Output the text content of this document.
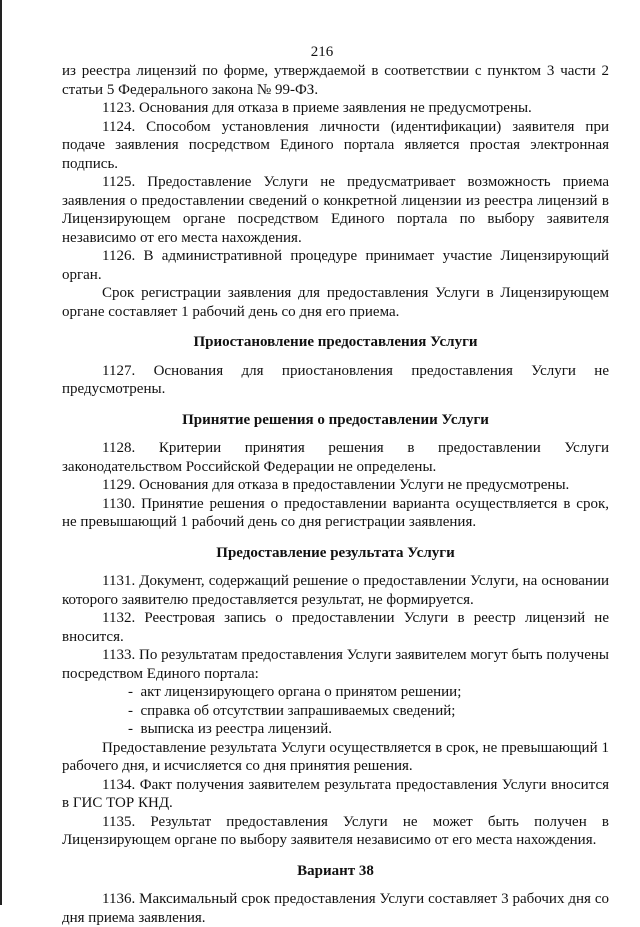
216

из реестра лицензий по форме, утверждаемой в соответствии с пунктом 3 части 2 статьи 5 Федерального закона № 99-ФЗ.

1123. Основания для отказа в приеме заявления не предусмотрены.

1124. Способом установления личности (идентификации) заявителя при подаче заявления посредством Единого портала является простая электронная подпись.

1125. Предоставление Услуги не предусматривает возможность приема заявления о предоставлении сведений о конкретной лицензии из реестра лицензий в Лицензирующем органе посредством Единого портала по выбору заявителя независимо от его места нахождения.

1126. В административной процедуре принимает участие Лицензирующий орган.

Срок регистрации заявления для предоставления Услуги в Лицензирующем органе составляет 1 рабочий день со дня его приема.

Приостановление предоставления Услуги

1127. Основания для приостановления предоставления Услуги не предусмотрены.

Принятие решения о предоставлении Услуги

1128. Критерии принятия решения в предоставлении Услуги законодательством Российской Федерации не определены.

1129. Основания для отказа в предоставлении Услуги не предусмотрены.

1130. Принятие решения о предоставлении варианта осуществляется в срок, не превышающий 1 рабочий день со дня регистрации заявления.

Предоставление результата Услуги

1131. Документ, содержащий решение о предоставлении Услуги, на основании которого заявителю предоставляется результат, не формируется.

1132. Реестровая запись о предоставлении Услуги в реестр лицензий не вносится.

1133. По результатам предоставления Услуги заявителем могут быть получены посредством Единого портала:

-  акт лицензирующего органа о принятом решении;
-  справка об отсутствии запрашиваемых сведений;
-  выписка из реестра лицензий.

Предоставление результата Услуги осуществляется в срок, не превышающий 1 рабочего дня, и исчисляется со дня принятия решения.

1134. Факт получения заявителем результата предоставления Услуги вносится в ГИС ТОР КНД.

1135. Результат предоставления Услуги не может быть получен в Лицензирующем органе по выбору заявителя независимо от его места нахождения.

Вариант 38

1136. Максимальный срок предоставления Услуги составляет 3 рабочих дня со дня приема заявления.
